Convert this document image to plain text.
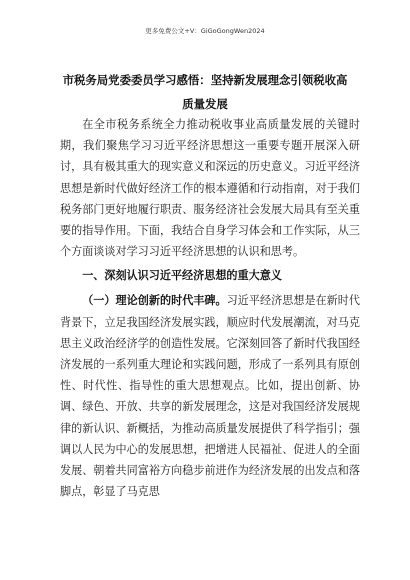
更多免费公文+V：GiGoGongWen2024
市税务局党委委员学习感悟：坚持新发展理念引领税收高质量发展

在全市税务系统全力推动税收事业高质量发展的关键时期，我们聚焦学习习近平经济思想这一重要专题开展深入研讨，具有极其重大的现实意义和深远的历史意义。习近平经济思想是新时代做好经济工作的根本遵循和行动指南，对于我们税务部门更好地履行职责、服务经济社会发展大局具有至关重要的指导作用。下面，我结合自身学习体会和工作实际，从三个方面谈谈对学习习近平经济思想的认识和思考。

一、深刻认识习近平经济思想的重大意义

（一）理论创新的时代丰碑。习近平经济思想是在新时代背景下，立足我国经济发展实践，顺应时代发展潮流，对马克思主义政治经济学的创造性发展。它深刻回答了新时代我国经济发展的一系列重大理论和实践问题，形成了一系列具有原创性、时代性、指导性的重大思想观点。比如，提出创新、协调、绿色、开放、共享的新发展理念，这是对我国经济发展规律的新认识、新概括，为推动高质量发展提供了科学指引；强调以人民为中心的发展思想，把增进人民福祉、促进人的全面发展、朝着共同富裕方向稳步前进作为经济发展的出发点和落脚点，彰显了马克思
